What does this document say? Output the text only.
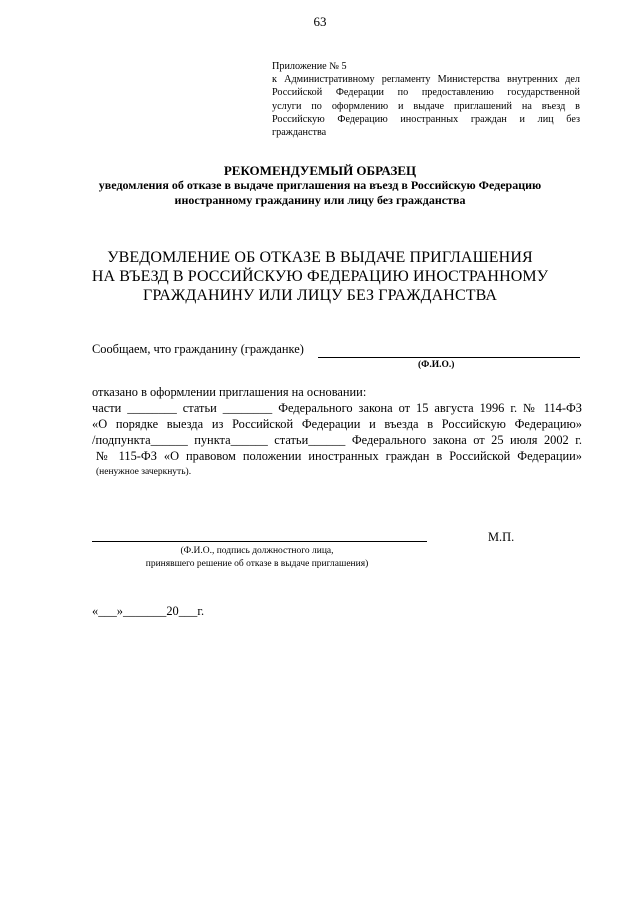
63
Приложение № 5
к Административному регламенту Министерства внутренних дел
Российской Федерации по предоставлению государственной
услуги по оформлению и выдаче приглашений на въезд в
Российскую Федерацию иностранных граждан и лиц без
гражданства
РЕКОМЕНДУЕМЫЙ ОБРАЗЕЦ
уведомления об отказе в выдаче приглашения на въезд в Российскую Федерацию
иностранному гражданину или лицу без гражданства
УВЕДОМЛЕНИЕ ОБ ОТКАЗЕ В ВЫДАЧЕ ПРИГЛАШЕНИЯ
НА ВЪЕЗД В РОССИЙСКУЮ ФЕДЕРАЦИЮ ИНОСТРАННОМУ
ГРАЖДАНИНУ ИЛИ ЛИЦУ БЕЗ ГРАЖДАНСТВА
Сообщаем, что гражданину (гражданке)
(Ф.И.О.)
отказано в оформлении приглашения на основании:
части ________ статьи ________ Федерального закона от 15 августа 1996 г. № 114-ФЗ
«О порядке выезда из Российской Федерации и въезда в Российскую Федерацию»
/подпункта______ пункта______ статьи______ Федерального закона от 25 июля 2002 г.
№ 115-ФЗ «О правовом положении иностранных граждан в Российской Федерации»
(ненужное зачеркнуть).
М.П.
(Ф.И.О., подпись должностного лица,
принявшего решение об отказе в выдаче приглашения)
«___»_______20___г.
